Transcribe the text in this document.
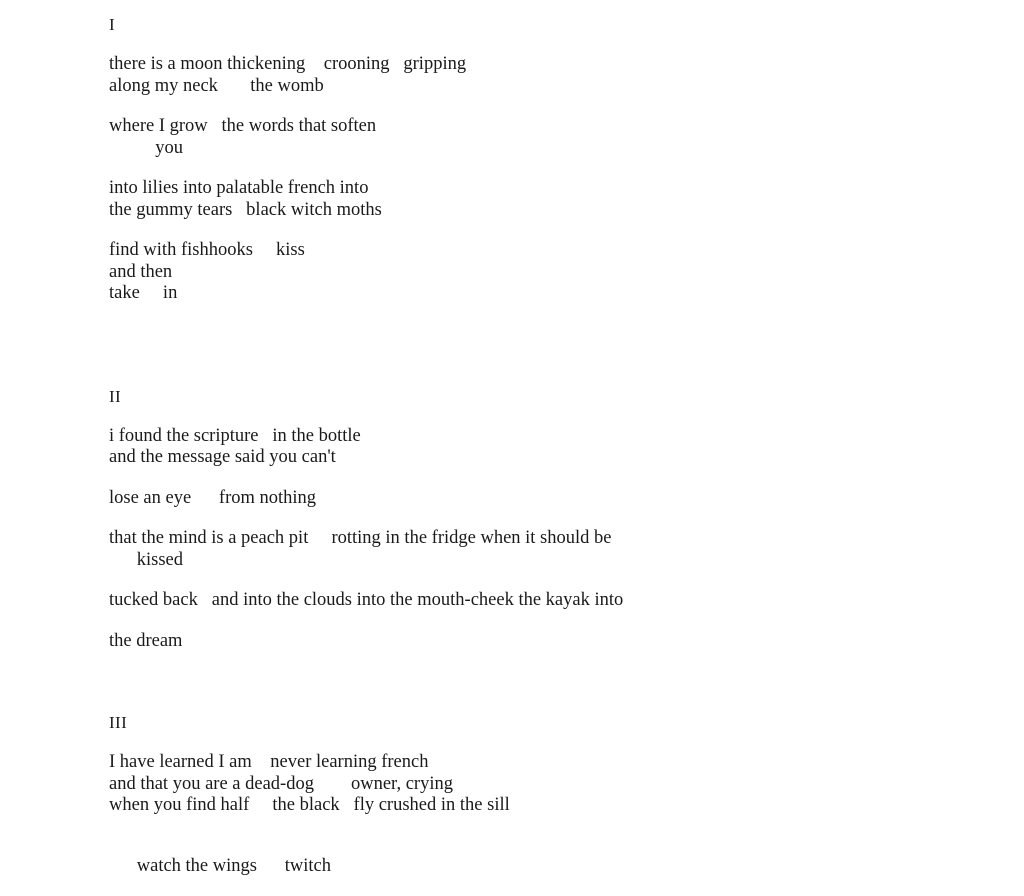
I
there is a moon thickening    crooning   gripping
along my neck       the womb
where I grow   the words that soften
you
into lilies into palatable french into
the gummy tears   black witch moths
find with fishhooks     kiss
and then
take     in
II
i found the scripture   in the bottle
and the message said you can't
lose an eye      from nothing
that the mind is a peach pit     rotting in the fridge when it should be
kissed
tucked back   and into the clouds into the mouth-cheek the kayak into
the dream
III
I have learned I am    never learning french
and that you are a dead-dog        owner, crying
when you find half     the black   fly crushed in the sill
watch the wings      twitch
